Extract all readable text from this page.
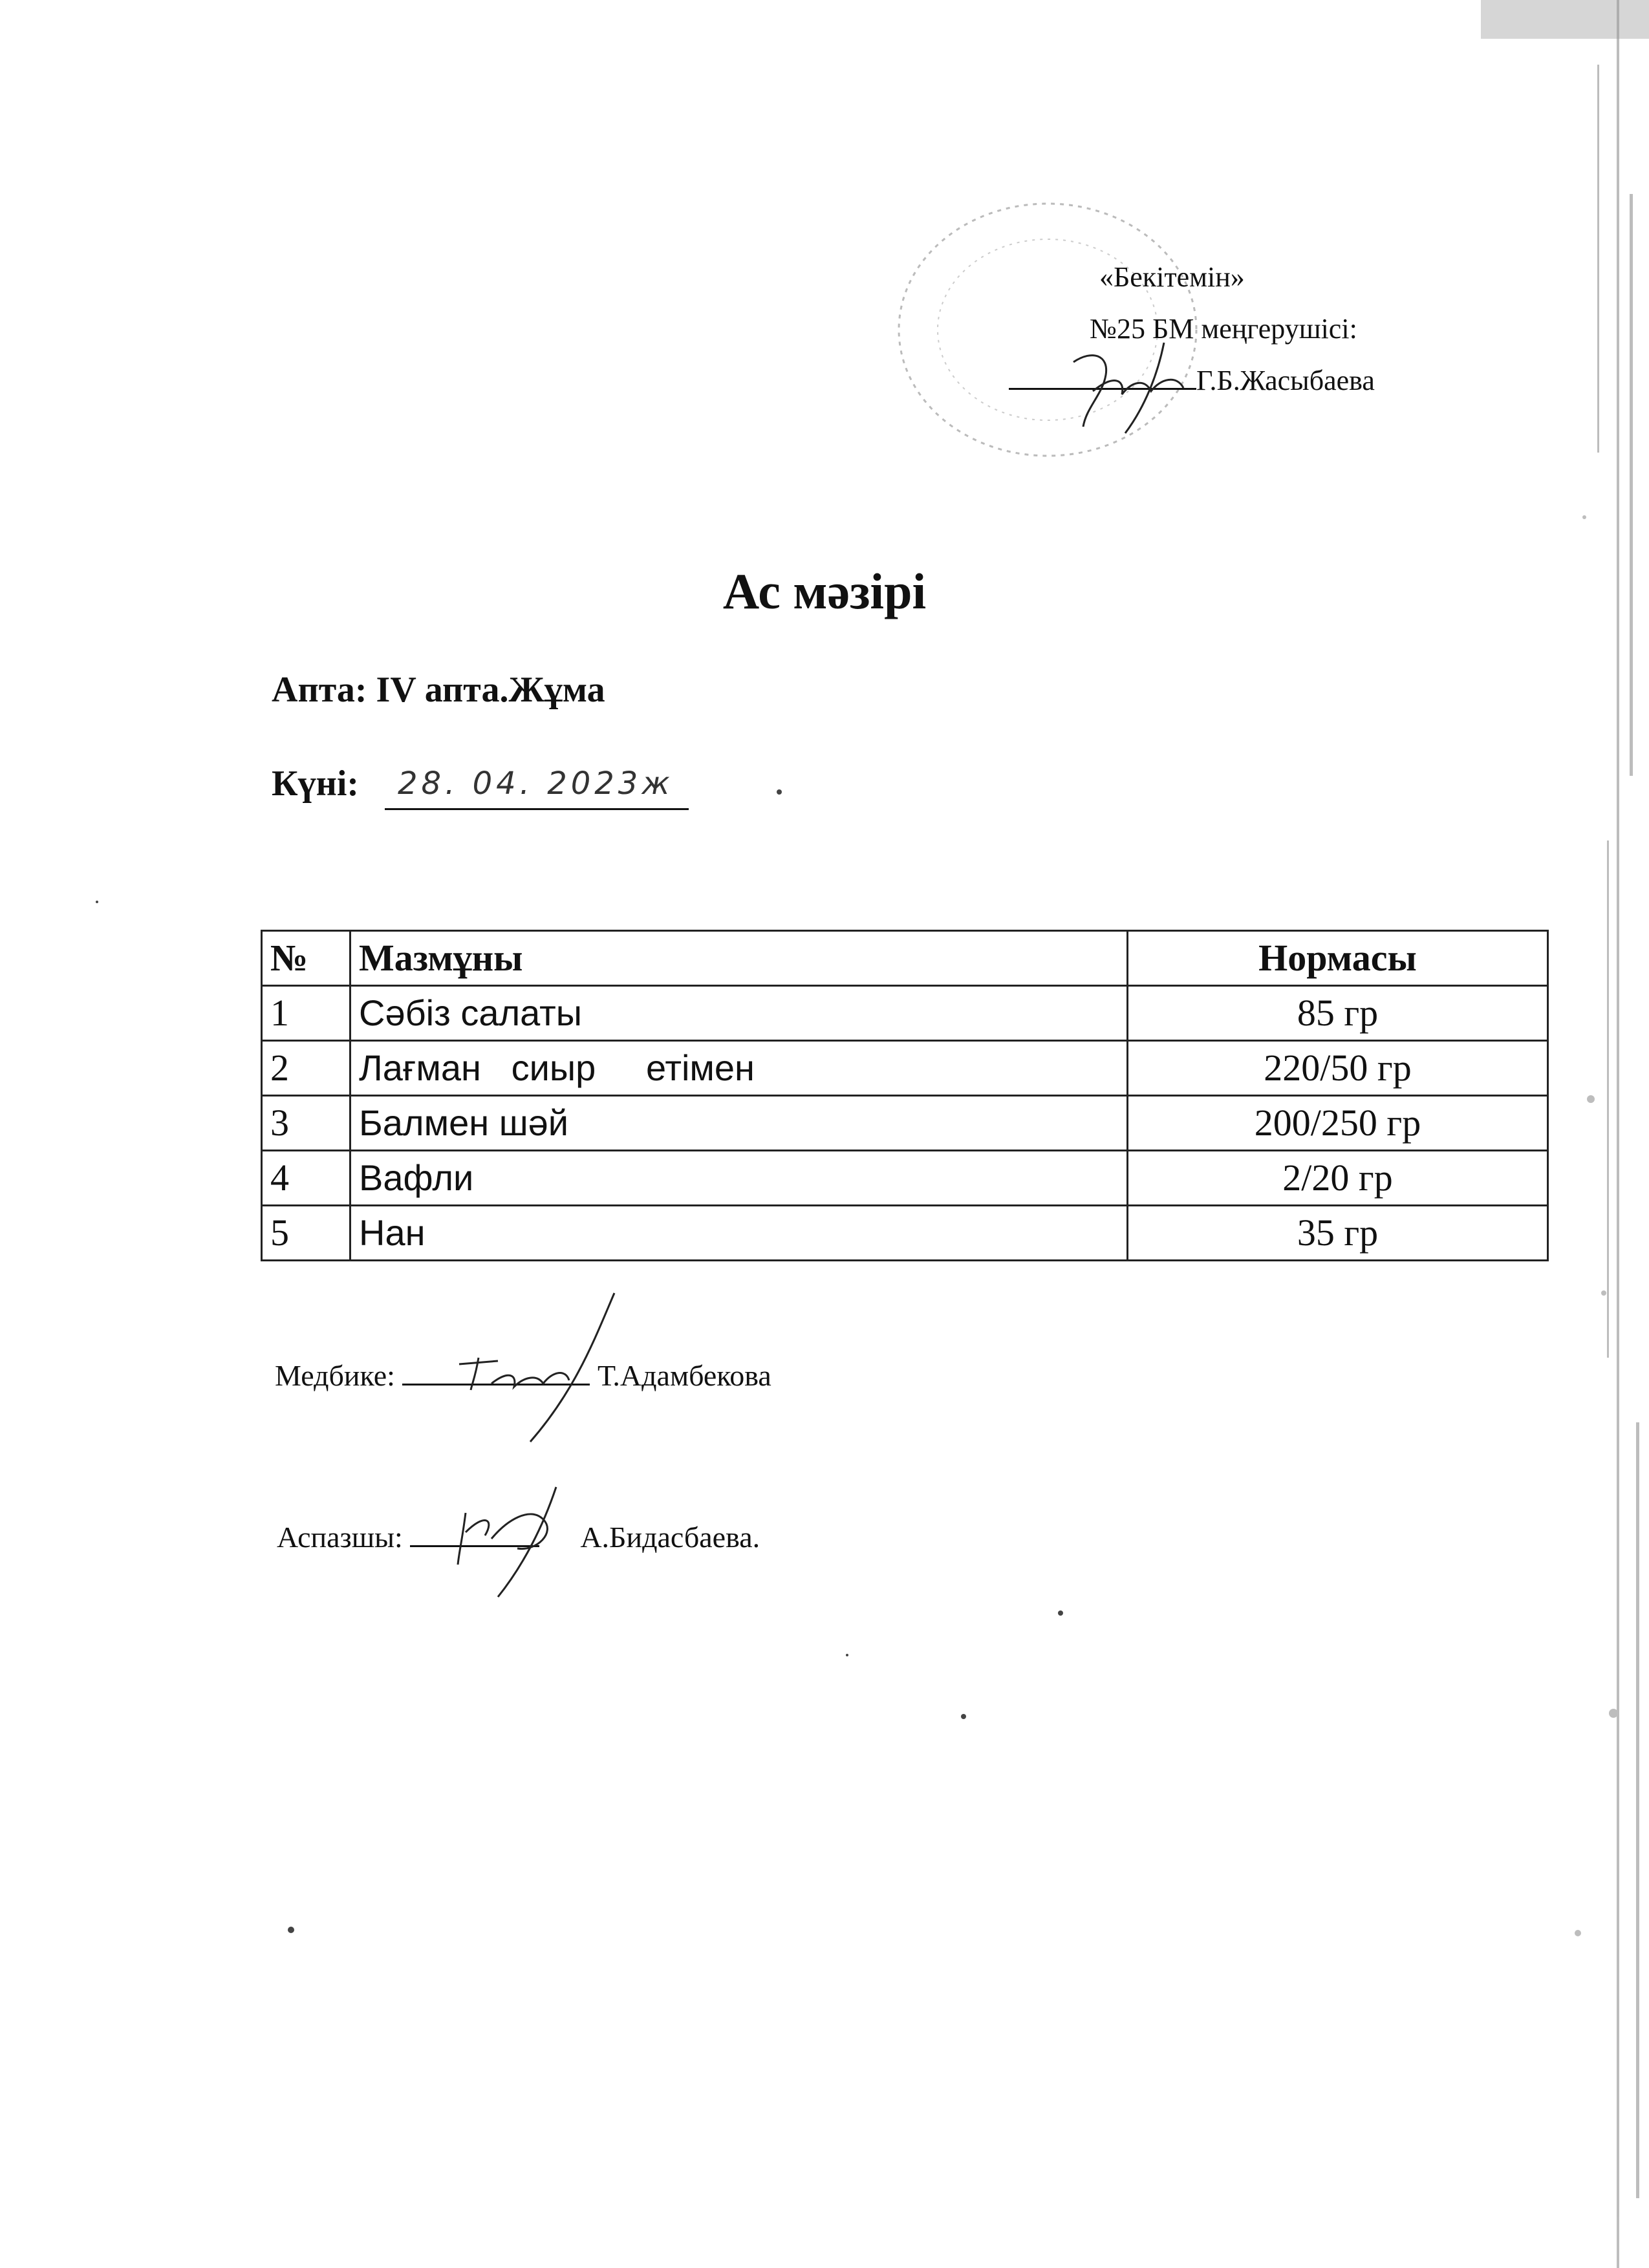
«Бекітемін»
№25 БМ меңгерушісі:
Г.Б.Жасыбаева
Ас мәзірі
Апта: IV апта.Жұма
Күні: 28. 04. 2023ж
№	Мазмұны	Нормасы
1	Сәбіз салаты	85 гр
2	Лағман   сиыр     етімен	220/50 гр
3	Балмен шәй	200/250 гр
4	Вафли	2/20 гр
5	Нан	35 гр
Медбике:	Т.Адамбекова
Аспазшы:	А.Бидасбаева.
